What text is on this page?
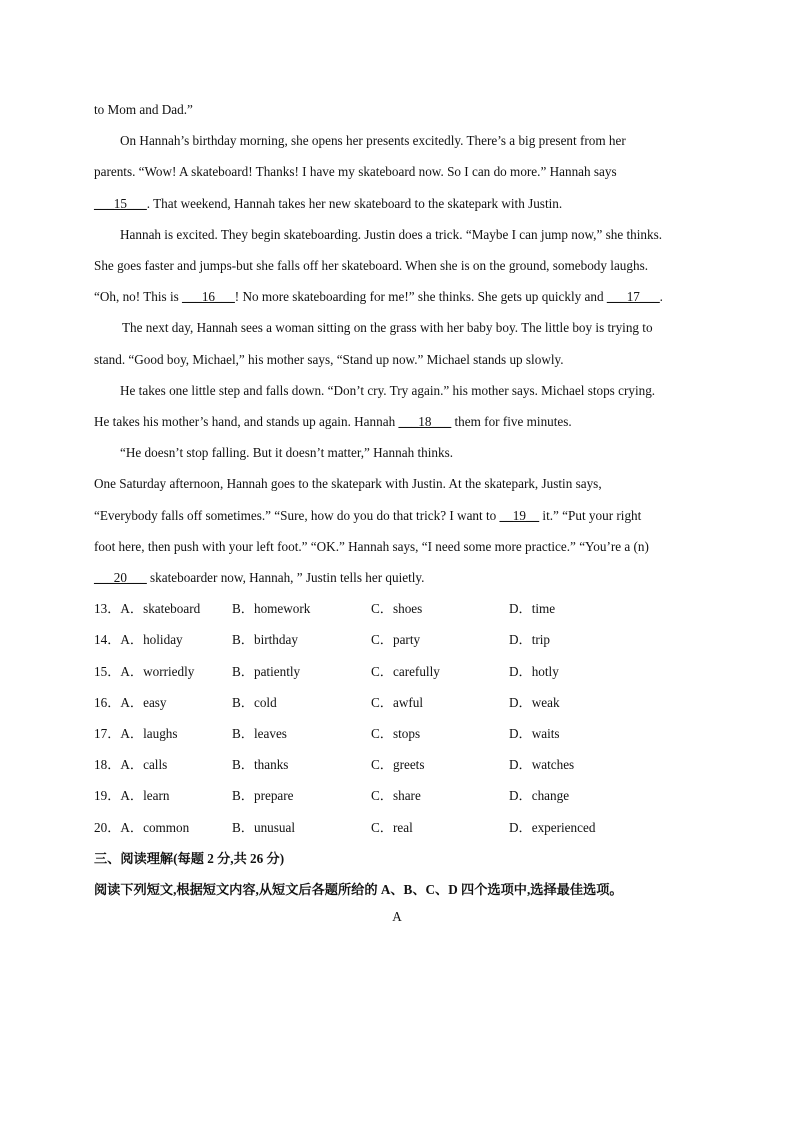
to Mom and Dad.”
On Hannah’s birthday morning, she opens her presents excitedly. There’s a big present from her
parents. “Wow! A skateboard! Thanks! I have my skateboard now. So I can do more.” Hannah says
___15___. That weekend, Hannah takes her new skateboard to the skatepark with Justin.
Hannah is excited. They begin skateboarding. Justin does a trick. “Maybe I can jump now,” she thinks.
She goes faster and jumps-but she falls off her skateboard. When she is on the ground, somebody laughs.
“Oh, no! This is ___16___! No more skateboarding for me!” she thinks. She gets up quickly and ___17___.
The next day, Hannah sees a woman sitting on the grass with her baby boy. The little boy is trying to
stand. “Good boy, Michael,” his mother says, “Stand up now.” Michael stands up slowly.
He takes one little step and falls down. “Don’t cry. Try again.” his mother says. Michael stops crying.
He takes his mother’s hand, and stands up again. Hannah ___18___ them for five minutes.
“He doesn’t stop falling. But it doesn’t matter,” Hannah thinks.
One Saturday afternoon, Hannah goes to the skatepark with Justin. At the skatepark, Justin says,
“Everybody falls off sometimes.” “Sure, how do you do that trick? I want to __19__ it.” “Put your right
foot here, then push with your left foot.” “OK.” Hannah says, “I need some more practice.” “You’re a (n)
___20___ skateboarder now, Hannah, ” Justin tells her quietly.
13．A．skateboard B．homework	C．shoes	D．time
14．A．holiday	B．birthday	C．party	D．trip
15．A．worriedly	B．patiently	C．carefully	D．hotly
16．A．easy	B．cold	C．awful	D．weak
17．A．laughs	B．leaves	C．stops	D．waits
18．A．calls	B．thanks	C．greets	D．watches
19．A．learn	B．prepare	C．share	D．change
20．A．common	B．unusual	C．real	D．experienced
三、阅读理解(每题 2 分,共 26 分)
阅读下列短文,根据短文内容,从短文后各题所给的 A、B、C、D 四个选项中,选择最佳选项。
A
